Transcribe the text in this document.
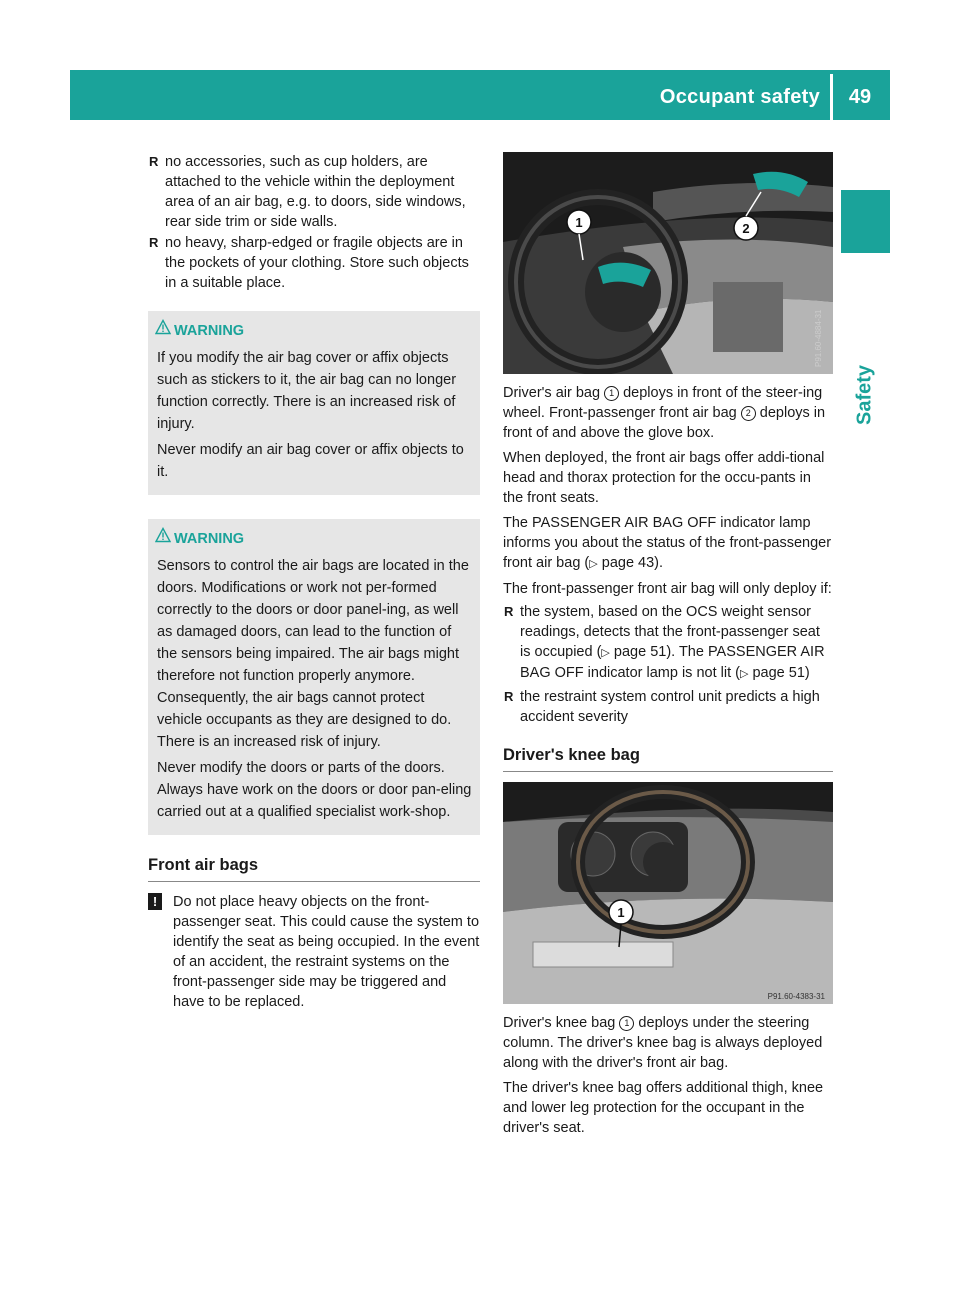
Occupant safety	49
Safety
R no accessories, such as cup holders, are attached to the vehicle within the deployment area of an air bag, e.g. to doors, side windows, rear side trim or side walls.
R no heavy, sharp-edged or fragile objects are in the pockets of your clothing. Store such objects in a suitable place.
WARNING

If you modify the air bag cover or affix objects such as stickers to it, the air bag can no longer function correctly. There is an increased risk of injury.

Never modify an air bag cover or affix objects to it.

WARNING

Sensors to control the air bags are located in the doors. Modifications or work not per-formed correctly to the doors or door panel-ing, as well as damaged doors, can lead to the function of the sensors being impaired. The air bags might therefore not function properly anymore. Consequently, the air bags cannot protect vehicle occupants as they are designed to do. There is an increased risk of injury.

Never modify the doors or parts of the doors. Always have work on the doors or door pan-eling carried out at a qualified specialist work-shop.

Front air bags
!	Do not place heavy objects on the front-passenger seat. This could cause the system to identify the seat as being occupied. In the event of an accident, the restraint systems on the front-passenger side may be triggered and have to be replaced.
1	2
P91.60-4884-31

Driver's air bag 1 deploys in front of the steer-ing wheel. Front-passenger front air bag 2 deploys in front of and above the glove box.

When deployed, the front air bags offer addi-tional head and thorax protection for the occu-pants in the front seats.

The PASSENGER AIR BAG OFF indicator lamp informs you about the status of the front-passenger front air bag (▷ page 43).

The front-passenger front air bag will only deploy if:

R the system, based on the OCS weight sensor readings, detects that the front-passenger seat is occupied (▷ page 51). The PASSENGER AIR BAG OFF indicator lamp is not lit (▷ page 51)
R the restraint system control unit predicts a high accident severity
Driver's knee bag
1
P91.60-4383-31

Driver's knee bag 1 deploys under the steering column. The driver's knee bag is always deployed along with the driver's front air bag.

The driver's knee bag offers additional thigh, knee and lower leg protection for the occupant in the driver's seat.
